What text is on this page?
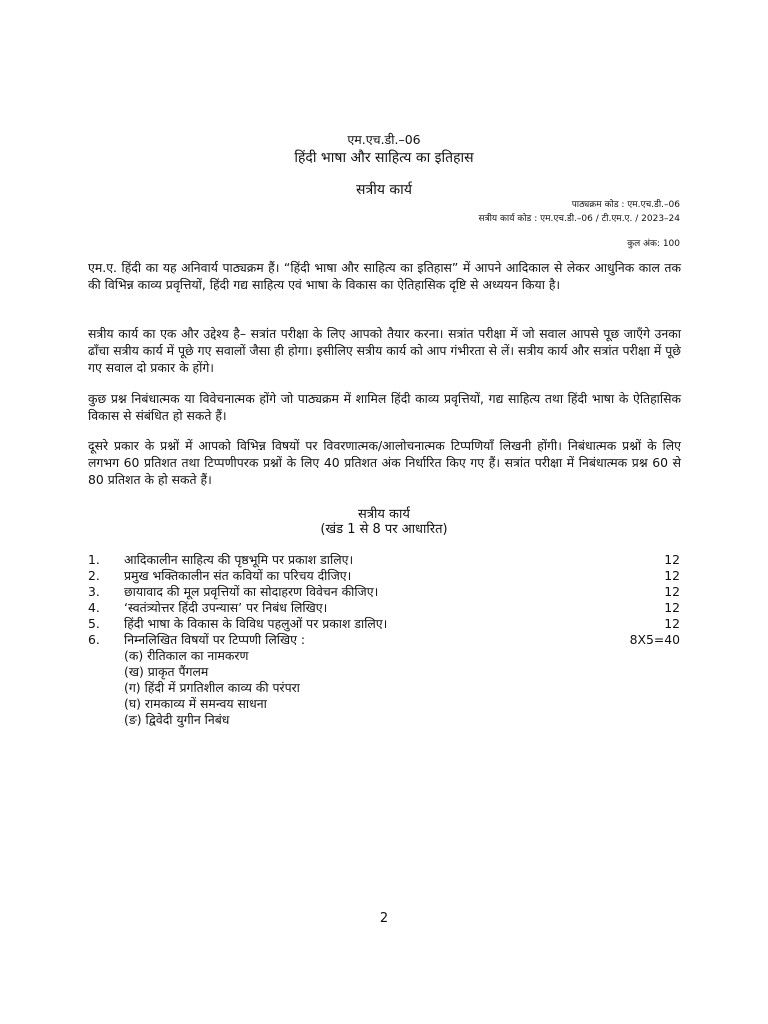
एम.एच.डी.–06
हिंदी भाषा और साहित्य का इतिहास
सत्रीय कार्य
पाठ्यक्रम कोड : एम.एच.डी.–06
सत्रीय कार्य कोड : एम.एच.डी.–06 / टी.एम.ए. / 2023–24
कुल अंक: 100
एम.ए. हिंदी का यह अनिवार्य पाठ्यक्रम हैं। “हिंदी भाषा और साहित्य का इतिहास” में आपने आदिकाल से लेकर आधुनिक काल तक की विभिन्न काव्य प्रवृत्तियों, हिंदी गद्य साहित्य एवं भाषा के विकास का ऐतिहासिक दृष्टि से अध्ययन किया है।
सत्रीय कार्य का एक और उद्देश्य है– सत्रांत परीक्षा के लिए आपको तैयार करना। सत्रांत परीक्षा में जो सवाल आपसे पूछ जाएँगे उनका ढाँचा सत्रीय कार्य में पूछे गए सवालों जैसा ही होगा। इसीलिए सत्रीय कार्य को आप गंभीरता से लें। सत्रीय कार्य और सत्रांत परीक्षा में पूछे गए सवाल दो प्रकार के होंगे।
कुछ प्रश्न निबंधात्मक या विवेचनात्मक होंगे जो पाठ्यक्रम में शामिल हिंदी काव्य प्रवृत्तियों, गद्य साहित्य तथा हिंदी भाषा के ऐतिहासिक विकास से संबंधित हो सकते हैं।
दूसरे प्रकार के प्रश्नों में आपको विभिन्न विषयों पर विवरणात्मक/आलोचनात्मक टिप्पणियाँ लिखनी होंगी। निबंधात्मक प्रश्नों के लिए लगभग 60 प्रतिशत तथा टिप्पणीपरक प्रश्नों के लिए 40 प्रतिशत अंक निर्धारित किए गए हैं। सत्रांत परीक्षा में निबंधात्मक प्रश्न 60 से 80 प्रतिशत के हो सकते हैं।
सत्रीय कार्य
(खंड 1 से 8 पर आधारित)
1. आदिकालीन साहित्य की पृष्ठभूमि पर प्रकाश डालिए।	12
2. प्रमुख भक्तिकालीन संत कवियों का परिचय दीजिए।	12
3. छायावाद की मूल प्रवृत्तियों का सोदाहरण विवेचन कीजिए।	12
4. ‘स्वतंत्र्योत्तर हिंदी उपन्यास’ पर निबंध लिखिए।	12
5. हिंदी भाषा के विकास के विविध पहलुओं पर प्रकाश डालिए।	12
6. निम्नलिखित विषयों पर टिप्पणी लिखिए :	8X5=40
(क) रीतिकाल का नामकरण
(ख) प्राकृत पैंगलम
(ग) हिंदी में प्रगतिशील काव्य की परंपरा
(घ) रामकाव्य में समन्वय साधना
(ङ) द्विवेदी युगीन निबंध
2
